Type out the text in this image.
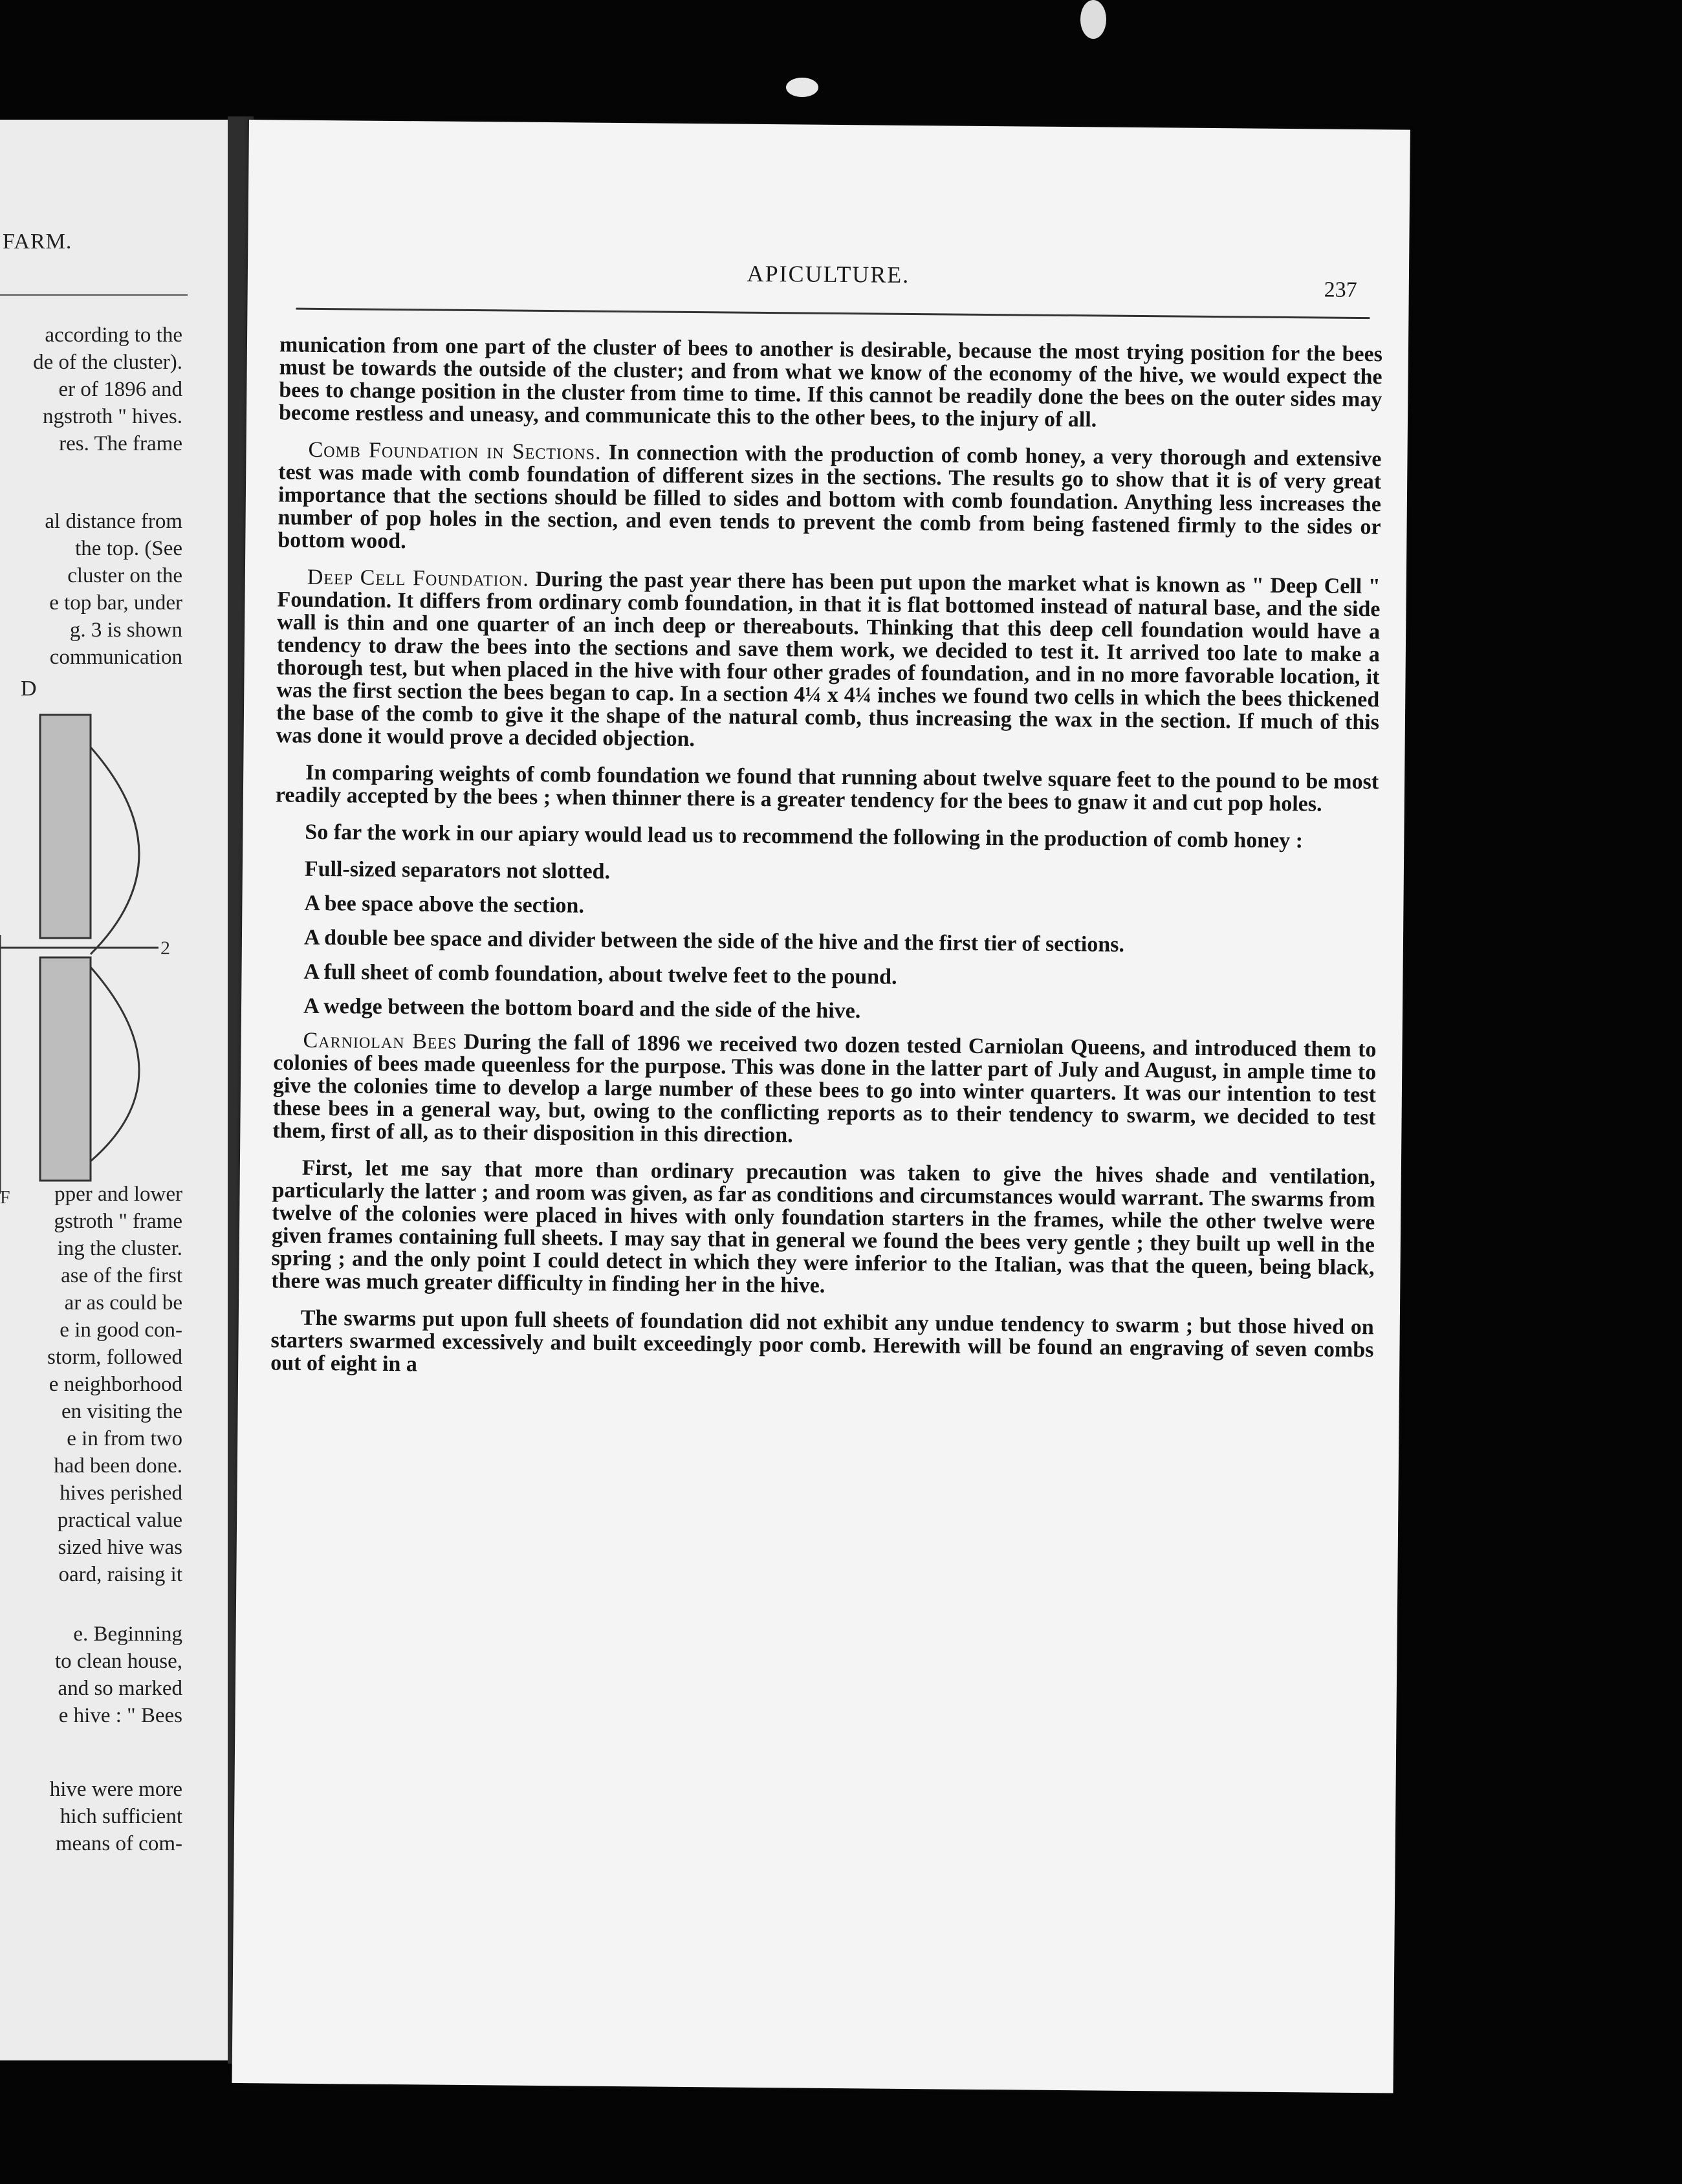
FARM.
according to the
de of the cluster).
er of 1896 and
ngstroth " hives.
res. The frame
al distance from
the top. (See
cluster on the
e top bar, under
g. 3 is shown
communication
D
2
F	pper and lower
gstroth " frame
ing the cluster.
ase of the first
ar as could be
e in good con-
storm, followed
e neighborhood
en visiting the
e in from two
had been done.
hives perished
practical value
sized hive was
oard, raising it
e. Beginning
to clean house,
and so marked
e hive : " Bees
hive were more
hich sufficient
means of com-
APICULTURE.
237

munication from one part of the cluster of bees to another is desirable, because the most trying position for the bees must be towards the outside of the cluster; and from what we know of the economy of the hive, we would expect the bees to change position in the cluster from time to time. If this cannot be readily done the bees on the outer sides may become restless and uneasy, and communicate this to the other bees, to the injury of all.

Comb Foundation in Sections. In connection with the production of comb honey, a very thorough and extensive test was made with comb foundation of different sizes in the sections. The results go to show that it is of very great importance that the sections should be filled to sides and bottom with comb foundation. Anything less increases the number of pop holes in the section, and even tends to prevent the comb from being fastened firmly to the sides or bottom wood.

Deep Cell Foundation. During the past year there has been put upon the market what is known as " Deep Cell " Foundation. It differs from ordinary comb foundation, in that it is flat bottomed instead of natural base, and the side wall is thin and one quarter of an inch deep or thereabouts. Thinking that this deep cell foundation would have a tendency to draw the bees into the sections and save them work, we decided to test it. It arrived too late to make a thorough test, but when placed in the hive with four other grades of foundation, and in no more favorable location, it was the first section the bees began to cap. In a section 4¼ x 4¼ inches we found two cells in which the bees thickened the base of the comb to give it the shape of the natural comb, thus increasing the wax in the section. If much of this was done it would prove a decided objection.

In comparing weights of comb foundation we found that running about twelve square feet to the pound to be most readily accepted by the bees ; when thinner there is a greater tendency for the bees to gnaw it and cut pop holes.

So far the work in our apiary would lead us to recommend the following in the production of comb honey :

Full-sized separators not slotted.

A bee space above the section.

A double bee space and divider between the side of the hive and the first tier of sections.

A full sheet of comb foundation, about twelve feet to the pound.

A wedge between the bottom board and the side of the hive.

Carniolan Bees During the fall of 1896 we received two dozen tested Carniolan Queens, and introduced them to colonies of bees made queenless for the purpose. This was done in the latter part of July and August, in ample time to give the colonies time to develop a large number of these bees to go into winter quarters. It was our intention to test these bees in a general way, but, owing to the conflicting reports as to their tendency to swarm, we decided to test them, first of all, as to their disposition in this direction.

First, let me say that more than ordinary precaution was taken to give the hives shade and ventilation, particularly the latter ; and room was given, as far as conditions and circumstances would warrant. The swarms from twelve of the colonies were placed in hives with only foundation starters in the frames, while the other twelve were given frames containing full sheets. I may say that in general we found the bees very gentle ; they built up well in the spring ; and the only point I could detect in which they were inferior to the Italian, was that the queen, being black, there was much greater difficulty in finding her in the hive.

The swarms put upon full sheets of foundation did not exhibit any undue tendency to swarm ; but those hived on starters swarmed excessively and built exceedingly poor comb. Herewith will be found an engraving of seven combs out of eight in a
